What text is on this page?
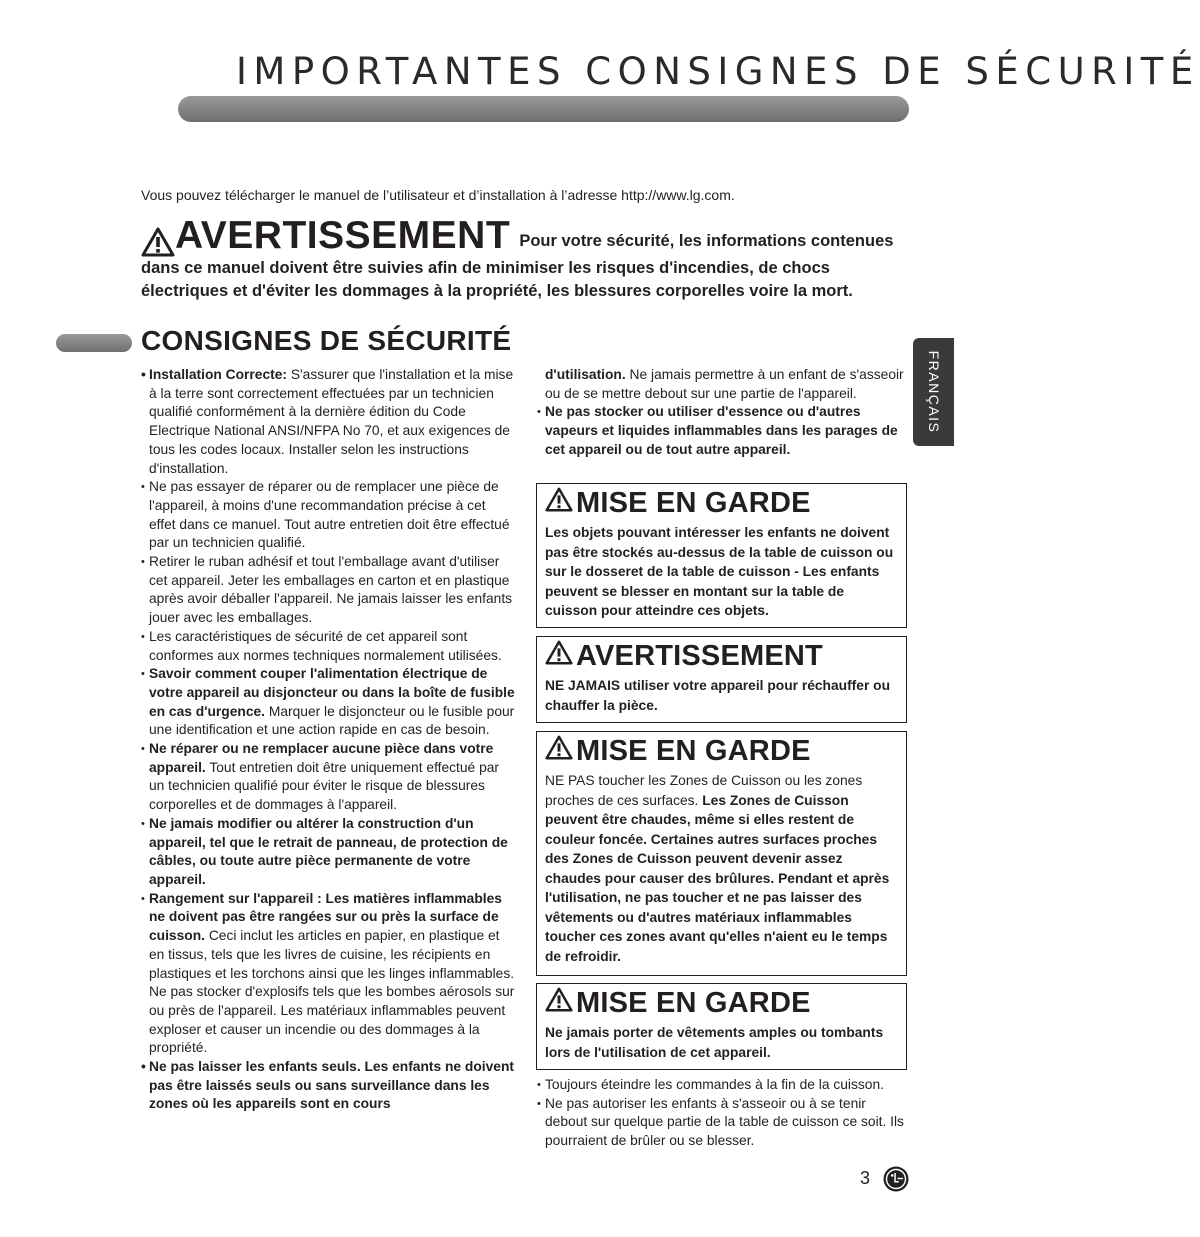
IMPORTANTES CONSIGNES DE SÉCURITÉ
Vous pouvez télécharger le manuel de l’utilisateur et d’installation à l’adresse http://www.lg.com.
AVERTISSEMENT Pour votre sécurité, les informations contenues dans ce manuel doivent être suivies afin de minimiser les risques d'incendies, de chocs électriques et d'éviter les dommages à la propriété, les blessures corporelles voire la mort.
CONSIGNES DE SÉCURITÉ
FRANÇAIS
• Installation Correcte: S'assurer que l'installation et la mise à la terre sont correctement effectuées par un technicien qualifié conformément à la dernière édition du Code Electrique National ANSI/NFPA No 70, et aux exigences de tous les codes locaux. Installer selon les instructions d'installation.
• Ne pas essayer de réparer ou de remplacer une pièce de l'appareil, à moins d'une recommandation précise à cet effet dans ce manuel. Tout autre entretien doit être effectué par un technicien qualifié.
• Retirer le ruban adhésif et tout l'emballage avant d'utiliser cet appareil. Jeter les emballages en carton et en plastique après avoir déballer l'appareil. Ne jamais laisser les enfants jouer avec les emballages.
• Les caractéristiques de sécurité de cet appareil sont conformes aux normes techniques normalement utilisées.
• Savoir comment couper l'alimentation électrique de votre appareil au disjoncteur ou dans la boîte de fusible en cas d'urgence. Marquer le disjoncteur ou le fusible pour une identification et une action rapide en cas de besoin.
• Ne réparer ou ne remplacer aucune pièce dans votre appareil. Tout entretien doit être uniquement effectué par un technicien qualifié pour éviter le risque de blessures corporelles et de dommages à l'appareil.
• Ne jamais modifier ou altérer la construction d'un appareil, tel que le retrait de panneau, de protection de câbles, ou toute autre pièce permanente de votre appareil.
• Rangement sur l'appareil : Les matières inflammables ne doivent pas être rangées sur ou près la surface de cuisson. Ceci inclut les articles en papier, en plastique et en tissus, tels que les livres de cuisine, les récipients en plastiques et les torchons ainsi que les linges inflammables. Ne pas stocker d'explosifs tels que les bombes aérosols sur ou près de l'appareil. Les matériaux inflammables peuvent exploser et causer un incendie ou des dommages à la propriété.
• Ne pas laisser les enfants seuls. Les enfants ne doivent pas être laissés seuls ou sans surveillance dans les zones où les appareils sont en cours

d'utilisation. Ne jamais permettre à un enfant de s'asseoir ou de se mettre debout sur une partie de l'appareil.

• Ne pas stocker ou utiliser d'essence ou d'autres vapeurs et liquides inflammables dans les parages de cet appareil ou de tout autre appareil.
MISE EN GARDE

Les objets pouvant intéresser les enfants ne doivent pas être stockés au-dessus de la table de cuisson ou sur le dosseret de la table de cuisson - Les enfants peuvent se blesser en montant sur la table de cuisson pour atteindre ces objets.

AVERTISSEMENT

NE JAMAIS utiliser votre appareil pour réchauffer ou chauffer la pièce.

MISE EN GARDE

NE PAS toucher les Zones de Cuisson ou les zones proches de ces surfaces. Les Zones de Cuisson peuvent être chaudes, même si elles restent de couleur foncée. Certaines autres surfaces proches des Zones de Cuisson peuvent devenir assez chaudes pour causer des brûlures. Pendant et après l'utilisation, ne pas toucher et ne pas laisser des vêtements ou d'autres matériaux inflammables toucher ces zones avant qu'elles n'aient eu le temps de refroidir.

MISE EN GARDE

Ne jamais porter de vêtements amples ou tombants lors de l'utilisation de cet appareil.

• Toujours éteindre les commandes à la fin de la cuisson.
• Ne pas autoriser les enfants à s'asseoir ou à se tenir debout sur quelque partie de la table de cuisson ce soit. Ils pourraient de brûler ou se blesser.
3
